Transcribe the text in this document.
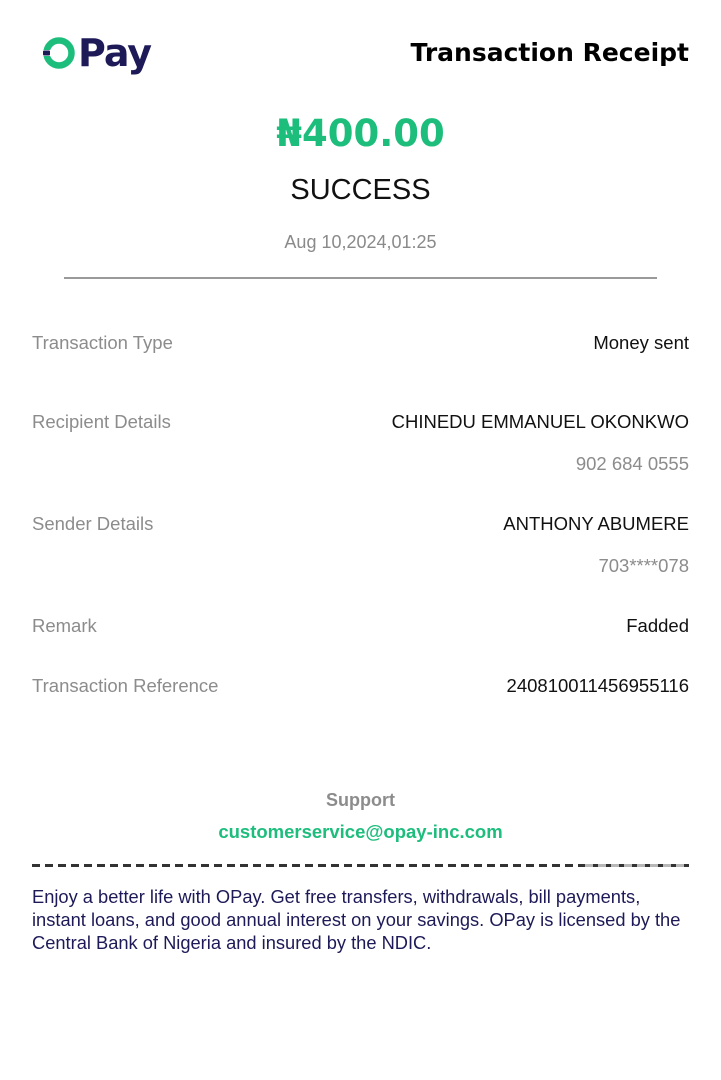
Pay	Transaction Receipt
₦400.00
SUCCESS
Aug 10,2024,01:25
Transaction Type	Money sent
Recipient Details	CHINEDU EMMANUEL OKONKWO
902 684 0555
Sender Details	ANTHONY ABUMERE
703****078
Remark	Fadded
Transaction Reference	240810011456955116
Support
customerservice@opay-inc.com
Enjoy a better life with OPay. Get free transfers, withdrawals, bill payments, instant loans, and good annual interest on your savings. OPay is licensed by the Central Bank of Nigeria and insured by the NDIC.
